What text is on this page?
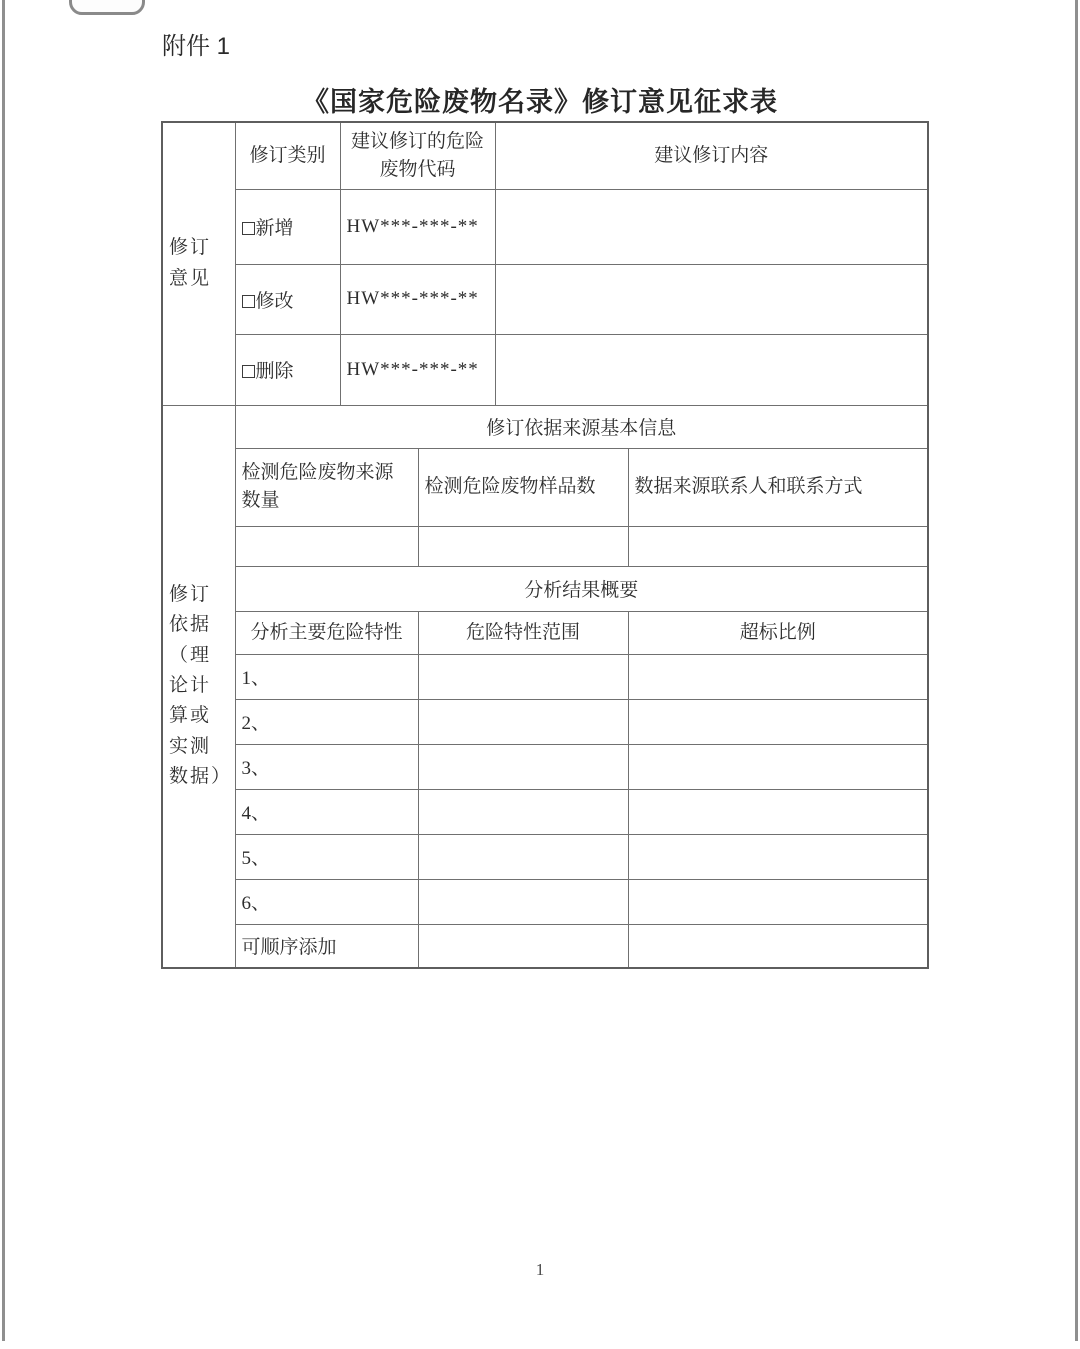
附件 1
《国家危险废物名录》修订意见征求表
修订意见	修订类别	建议修订的危险废物代码		建议修订内容	
	新增	HW***-***-**			
	修改	HW***-***-**			
	删除	HW***-***-**			
修订依据（理论计算或实测数据）	修订依据来源基本信息				
	检测危险废物来源数量		检测危险废物样品数		数据来源联系人和联系方式

	分析结果概要				
	分析主要危险特性		危险特性范围		超标比例
	1、				
	2、				
	3、				
	4、				
	5、				
	6、				
	可顺序添加				
1
